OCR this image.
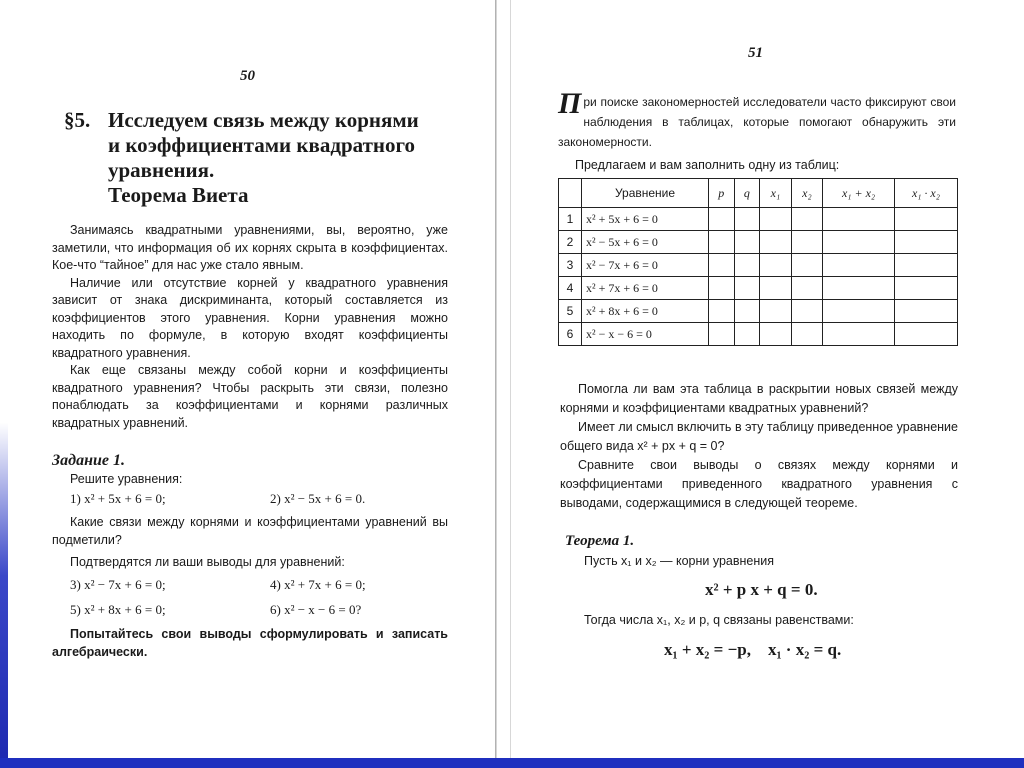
50
§5. Исследуем связь между корнями
и коэффициентами квадратного
уравнения.
Теорема Виета

Занимаясь квадратными уравнениями, вы, вероятно, уже заметили, что информация об их корнях скрыта в коэффициентах. Кое-что “тайное” для нас уже стало явным.

Наличие или отсутствие корней у квадратного уравнения зависит от знака дискриминанта, который составляется из коэффициентов этого уравнения. Корни уравнения можно находить по формуле, в которую входят коэффициенты квадратного уравнения.

Как еще связаны между собой корни и коэффициенты квадратного уравнения? Чтобы раскрыть эти связи, полезно понаблюдать за коэффициентами и корнями различных квадратных уравнений.

Задание 1.
Решите уравнения:
1) x² + 5x + 6 = 0;	2) x² − 5x + 6 = 0.

Какие связи между корнями и коэффициентами уравнений вы подметили?

Подтвердятся ли ваши выводы для уравнений:
3) x² − 7x + 6 = 0;	4) x² + 7x + 6 = 0;
5) x² + 8x + 6 = 0;	6) x² − x − 6 = 0?

Попытайтесь свои выводы сформулировать и записать алгебраически.

51
При поиске закономерностей исследователи часто фиксируют свои наблюдения в таблицах, которые помогают обнаружить эти закономерности.
Предлагаем и вам заполнить одну из таблиц:
	Уравнение	p	q	x₁	x₂	x₁ + x₂	x₁ · x₂
1	x² + 5x + 6 = 0						
2	x² − 5x + 6 = 0						
3	x² − 7x + 6 = 0						
4	x² + 7x + 6 = 0						
5	x² + 8x + 6 = 0						
6	x² − x − 6 = 0						

Помогла ли вам эта таблица в раскрытии новых связей между корнями и коэффициентами квадратных уравнений?

Имеет ли смысл включить в эту таблицу приведенное уравнение общего вида x² + px + q = 0?

Сравните свои выводы о связях между корнями и коэффициентами приведенного квадратного уравнения с выводами, содержащимися в следующей теореме.

Теорема 1.
Пусть x₁ и x₂ — корни уравнения
x² + p x + q = 0.
Тогда числа x₁, x₂ и p, q связаны равенствами:
x₁ + x₂ = −p,    x₁ · x₂ = q.
